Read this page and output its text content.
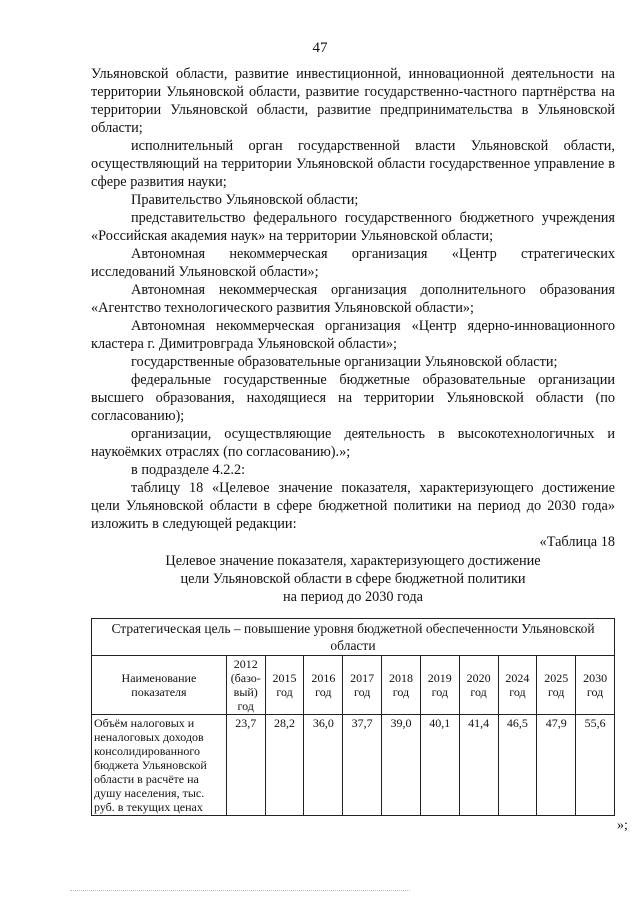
47

Ульяновской области, развитие инвестиционной, инновационной деятельности на территории Ульяновской области, развитие государственно-частного партнёрства на территории Ульяновской области, развитие предпринимательства в Ульяновской области;

исполнительный орган государственной власти Ульяновской области, осуществляющий на территории Ульяновской области государственное управление в сфере развития науки;

Правительство Ульяновской области;

представительство федерального государственного бюджетного учреждения «Российская академия наук» на территории Ульяновской области;

Автономная некоммерческая организация «Центр стратегических исследований Ульяновской области»;

Автономная некоммерческая организация дополнительного образования «Агентство технологического развития Ульяновской области»;

Автономная некоммерческая организация «Центр ядерно-инновационного кластера г. Димитровграда Ульяновской области»;

государственные образовательные организации Ульяновской области;

федеральные государственные бюджетные образовательные организации высшего образования, находящиеся на территории Ульяновской области (по согласованию);

организации, осуществляющие деятельность в высокотехнологичных и наукоёмких отраслях (по согласованию).»;

в подразделе 4.2.2:

таблицу 18 «Целевое значение показателя, характеризующего достижение цели Ульяновской области в сфере бюджетной политики на период до 2030 года» изложить в следующей редакции:

«Таблица 18

Целевое значение показателя, характеризующего достижение
цели Ульяновской области в сфере бюджетной политики
на период до 2030 года
Стратегическая цель – повышение уровня бюджетной обеспеченности Ульяновской области										
Наименование показателя	2012 (базо-вый) год	2015 год	2016 год	2017 год	2018 год	2019 год	2020 год	2024 год	2025 год	2030 год
Объём налоговых и неналоговых доходов консолидированного бюджета Ульяновской области в расчёте на душу населения, тыс. руб. в текущих ценах	23,7	28,2	36,0	37,7	39,0	40,1	41,4	46,5	47,9	55,6
»;
